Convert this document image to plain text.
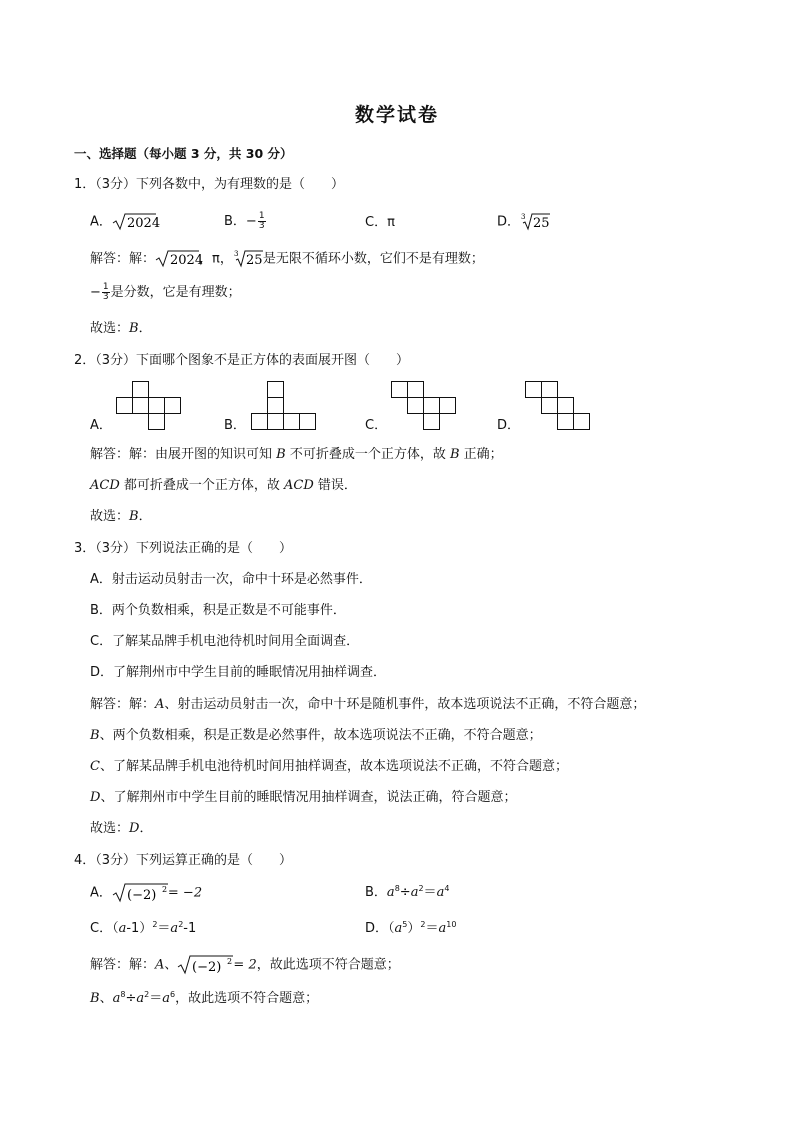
数学试卷
一、选择题（每小题 3 分，共 30 分）
1．（3分）下列各数中，为有理数的是（　　）
A． 2024	B．− $\frac{1}{3}$	C．π	D． 3 25
解答：解： 2024
，π， 3 25 是无限不循环小数，它们不是有理数；
− $\frac{1}{3}$ 是分数，它是有理数；
故选：B．
2．（3分）下面哪个图象不是正方体的表面展开图（　　）
A．	B．	C．	D．
解答：解：由展开图的知识可知 B 不可折叠成一个正方体，故 B 正确；
ACD 都可折叠成一个正方体，故 ACD 错误．
故选：B．
3．（3分）下列说法正确的是（　　）
A．射击运动员射击一次，命中十环是必然事件．
B．两个负数相乘，积是正数是不可能事件．
C．了解某品牌手机电池待机时间用全面调查．
D．了解荆州市中学生目前的睡眠情况用抽样调查．
解答：解：A、射击运动员射击一次，命中十环是随机事件，故本选项说法不正确，不符合题意；
B、两个负数相乘，积是正数是必然事件，故本选项说法不正确，不符合题意；
C、了解某品牌手机电池待机时间用抽样调查，故本选项说法不正确，不符合题意；
D、了解荆州市中学生目前的睡眠情况用抽样调查，说法正确，符合题意；
故选：D．
4．（3分）下列运算正确的是（　　）
A． (−2) 2 = −2	B．$a^8\div a^2=a^4$
C．$(a-1)^2=a^2-1$	D．$(a^5)^2=a^{10}$
解答：解：A、 (−2) 2 = 2，故此选项不符合题意；
B、$a^8\div a^2=a^6$，故此选项不符合题意；
